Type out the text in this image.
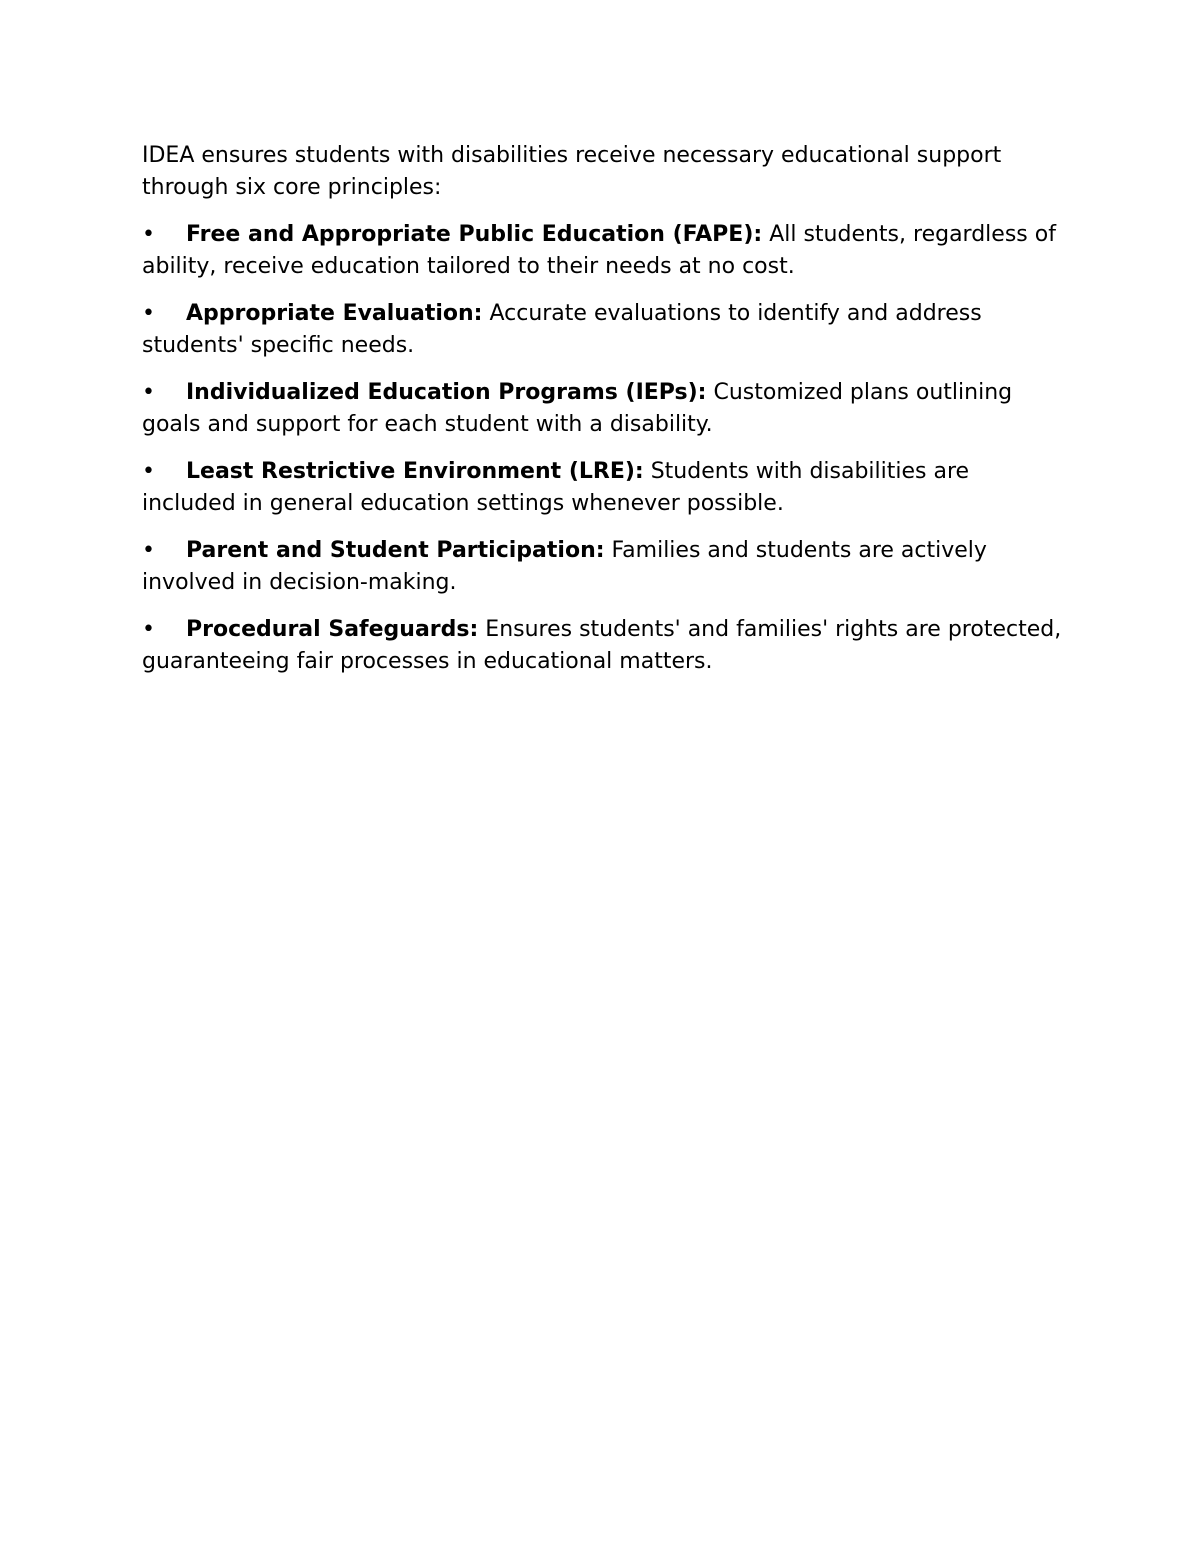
IDEA ensures students with disabilities receive necessary educational support through six core principles:

• Free and Appropriate Public Education (FAPE): All students, regardless of ability, receive education tailored to their needs at no cost.
• Appropriate Evaluation: Accurate evaluations to identify and address students' specific needs.
• Individualized Education Programs (IEPs): Customized plans outlining goals and support for each student with a disability.
• Least Restrictive Environment (LRE): Students with disabilities are included in general education settings whenever possible.
• Parent and Student Participation: Families and students are actively involved in decision-making.
• Procedural Safeguards: Ensures students' and families' rights are protected, guaranteeing fair processes in educational matters.
